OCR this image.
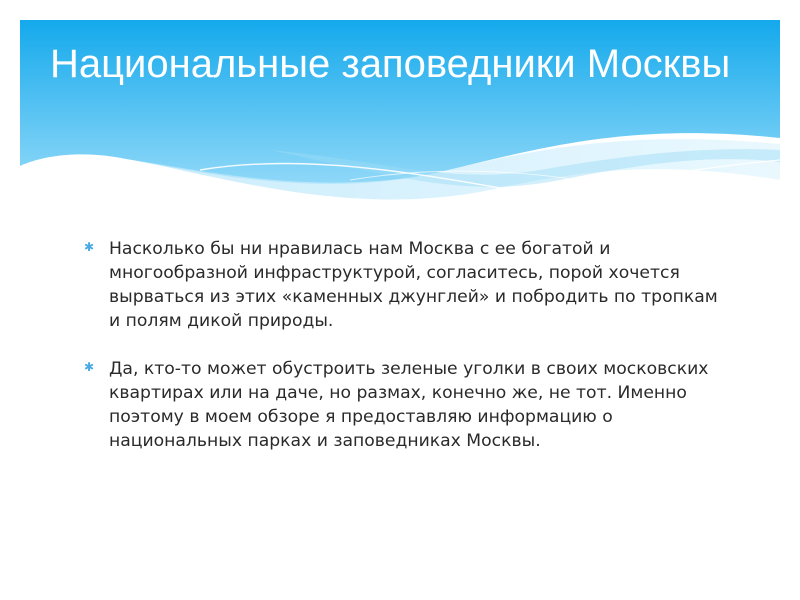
Национальные заповедники Москвы
✱ Насколько бы ни нравилась нам Москва с ее богатой и многообразной инфраструктурой, согласитесь, порой хочется вырваться из этих «каменных джунглей» и побродить по тропкам и полям дикой природы.
✱ Да, кто-то может обустроить зеленые уголки в своих московских квартирах или на даче, но размах, конечно же, не тот. Именно поэтому в моем обзоре я предоставляю информацию о национальных парках и заповедниках Москвы.
